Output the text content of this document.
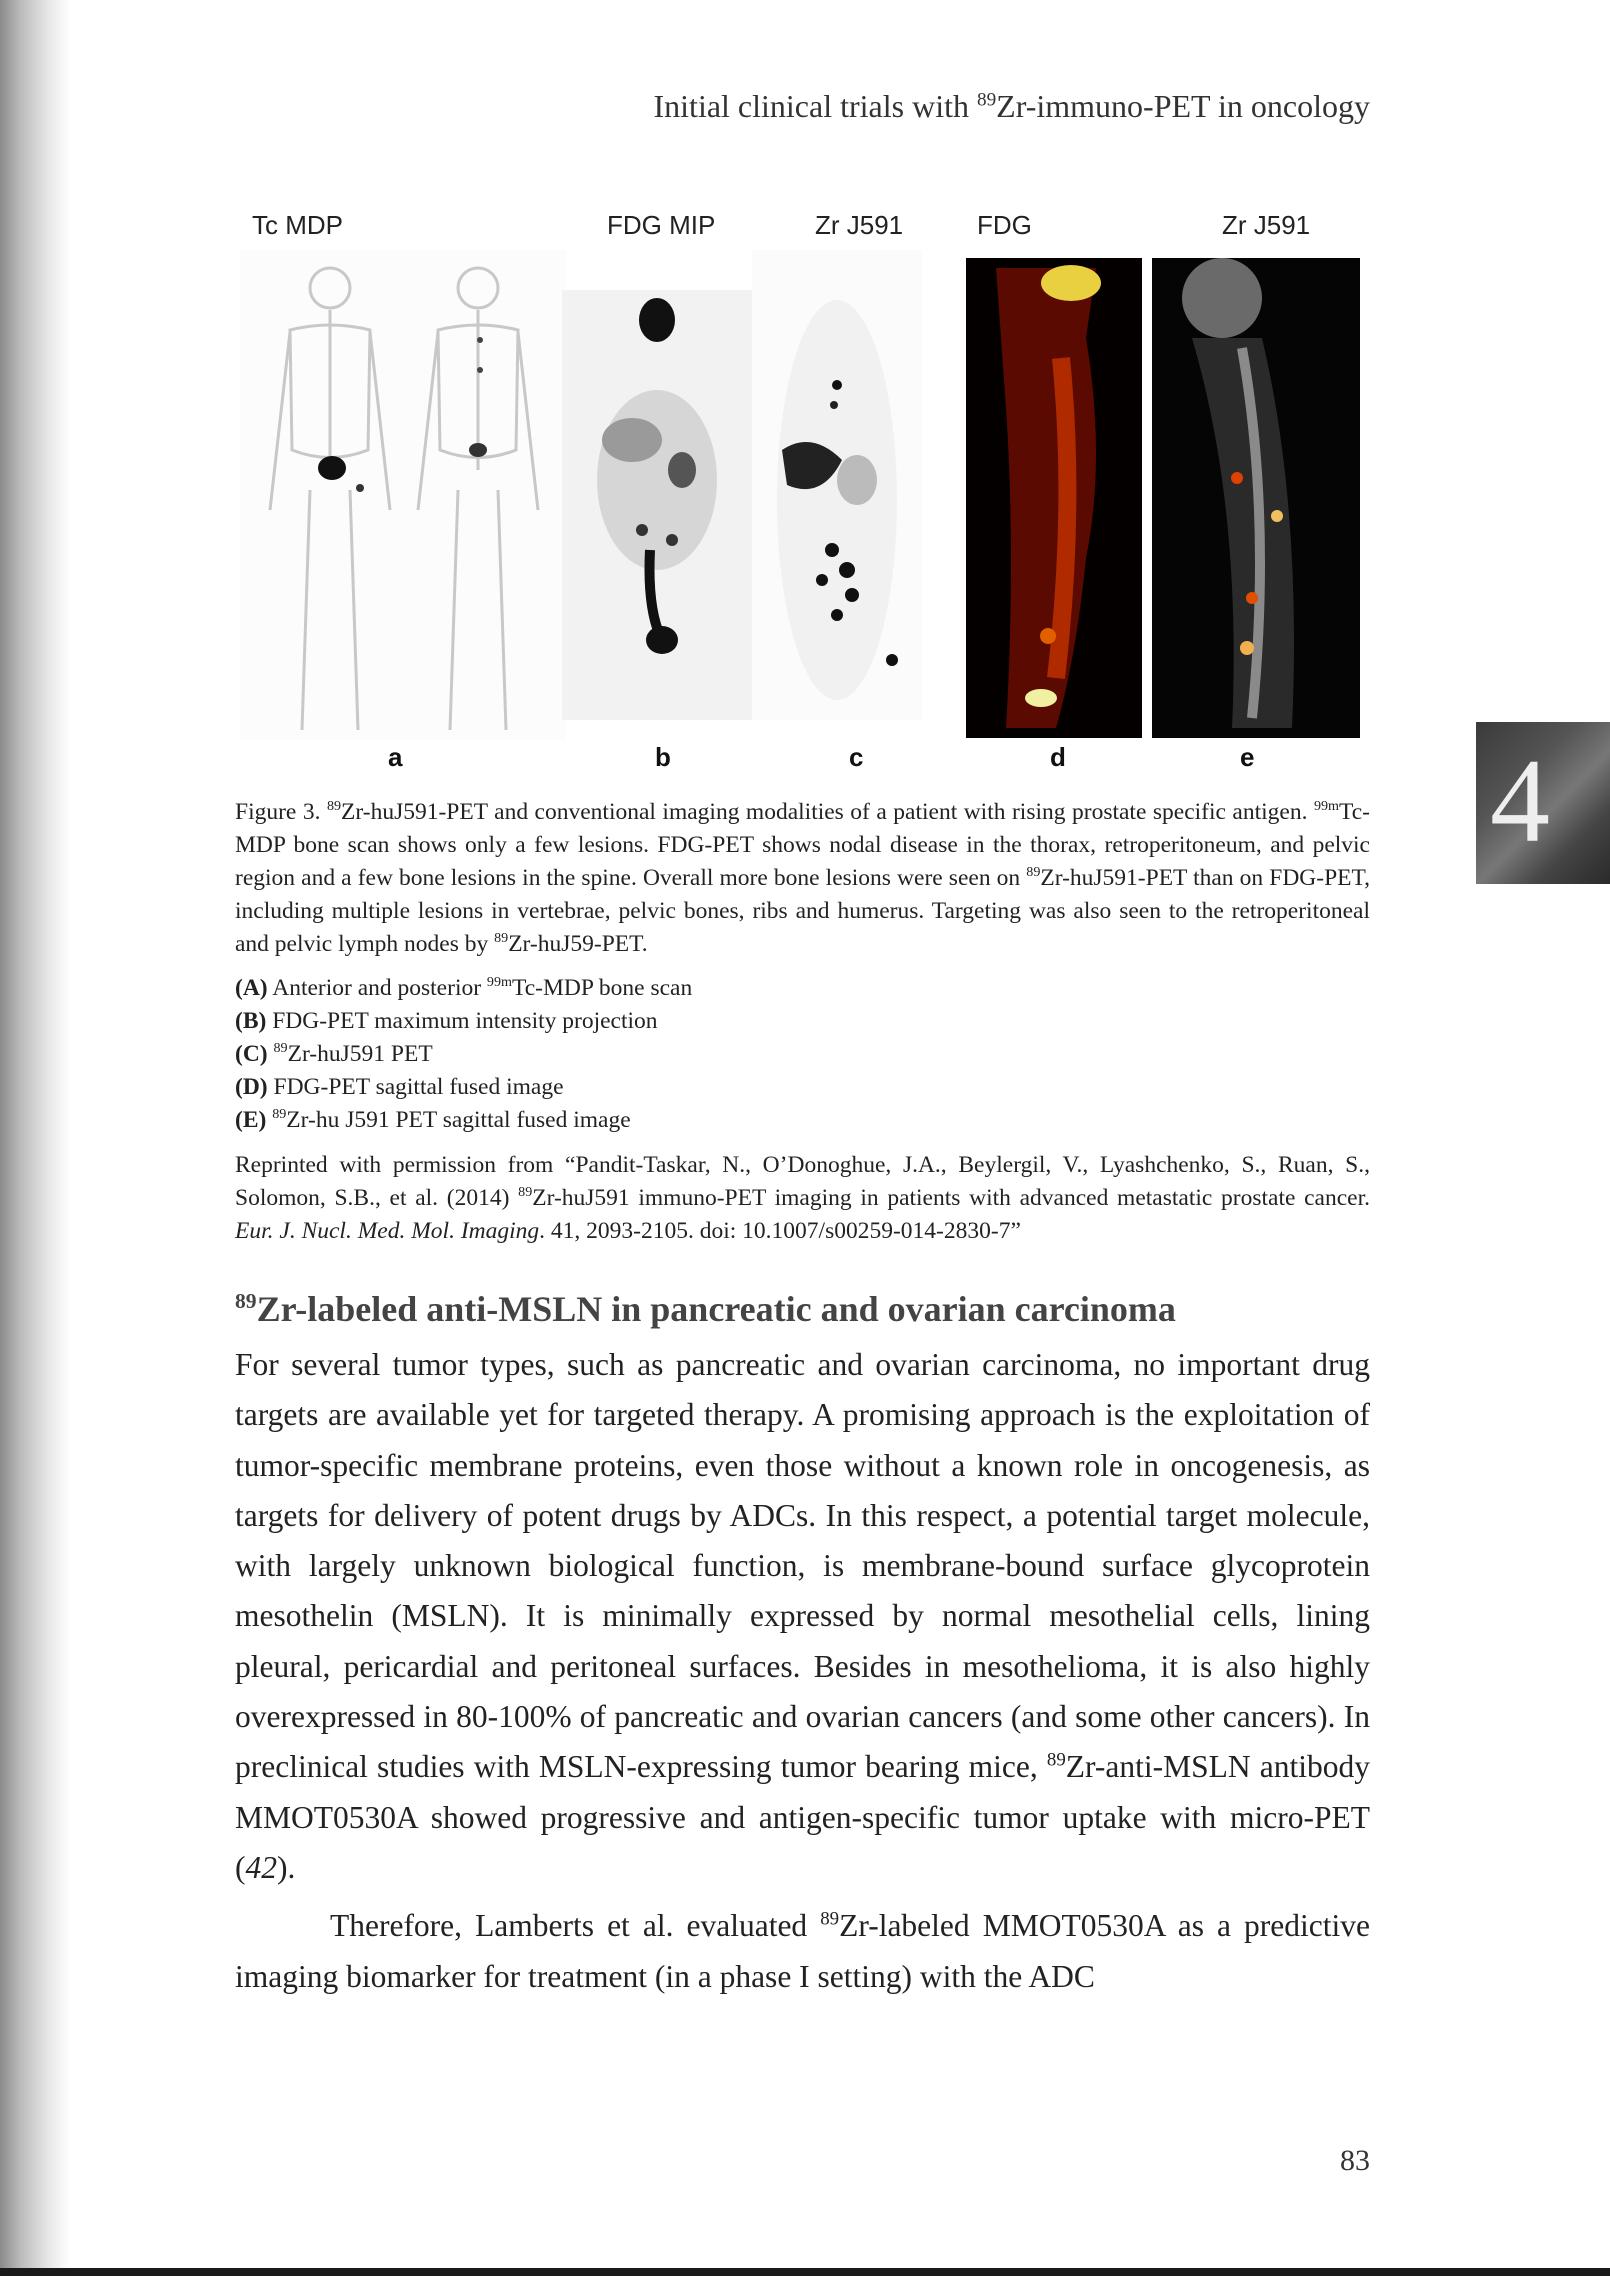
Initial clinical trials with $^{89}$Zr-immuno-PET in oncology
Tc MDP	FDG MIP	Zr J591	FDG	Zr J591
a	b	c	d	e 4

Figure 3. $^{89}$Zr-huJ591-PET and conventional imaging modalities of a patient with rising prostate specific antigen. $^{99m}$Tc-MDP bone scan shows only a few lesions. FDG-PET shows nodal disease in the thorax, retroperitoneum, and pelvic region and a few bone lesions in the spine. Overall more bone lesions were seen on $^{89}$Zr-huJ591-PET than on FDG-PET, including multiple lesions in vertebrae, pelvic bones, ribs and humerus. Targeting was also seen to the retroperitoneal and pelvic lymph nodes by $^{89}$Zr-huJ59-PET.

(A) Anterior and posterior $^{99m}$Tc-MDP bone scan
(B) FDG-PET maximum intensity projection
(C) $^{89}$Zr-huJ591 PET
(D) FDG-PET sagittal fused image
(E) $^{89}$Zr-hu J591 PET sagittal fused image

Reprinted with permission from “Pandit-Taskar, N., O’Donoghue, J.A., Beylergil, V., Lyashchenko, S., Ruan, S., Solomon, S.B., et al. (2014) $^{89}$Zr-huJ591 immuno-PET imaging in patients with advanced metastatic prostate cancer. Eur. J. Nucl. Med. Mol. Imaging. 41, 2093-2105. doi: 10.1007/s00259-014-2830-7”

$^{89}$Zr-labeled anti-MSLN in pancreatic and ovarian carcinoma

For several tumor types, such as pancreatic and ovarian carcinoma, no important drug targets are available yet for targeted therapy. A promising approach is the exploitation of tumor-specific membrane proteins, even those without a known role in oncogenesis, as targets for delivery of potent drugs by ADCs. In this respect, a potential target molecule, with largely unknown biological function, is membrane-bound surface glycoprotein mesothelin (MSLN). It is minimally expressed by normal mesothelial cells, lining pleural, pericardial and peritoneal surfaces. Besides in mesothelioma, it is also highly overexpressed in 80-100% of pancreatic and ovarian cancers (and some other cancers). In preclinical studies with MSLN-expressing tumor bearing mice, $^{89}$Zr-anti-MSLN antibody MMOT0530A showed progressive and antigen-specific tumor uptake with micro-PET (42).

Therefore, Lamberts et al. evaluated $^{89}$Zr-labeled MMOT0530A as a predictive imaging biomarker for treatment (in a phase I setting) with the ADC

83
